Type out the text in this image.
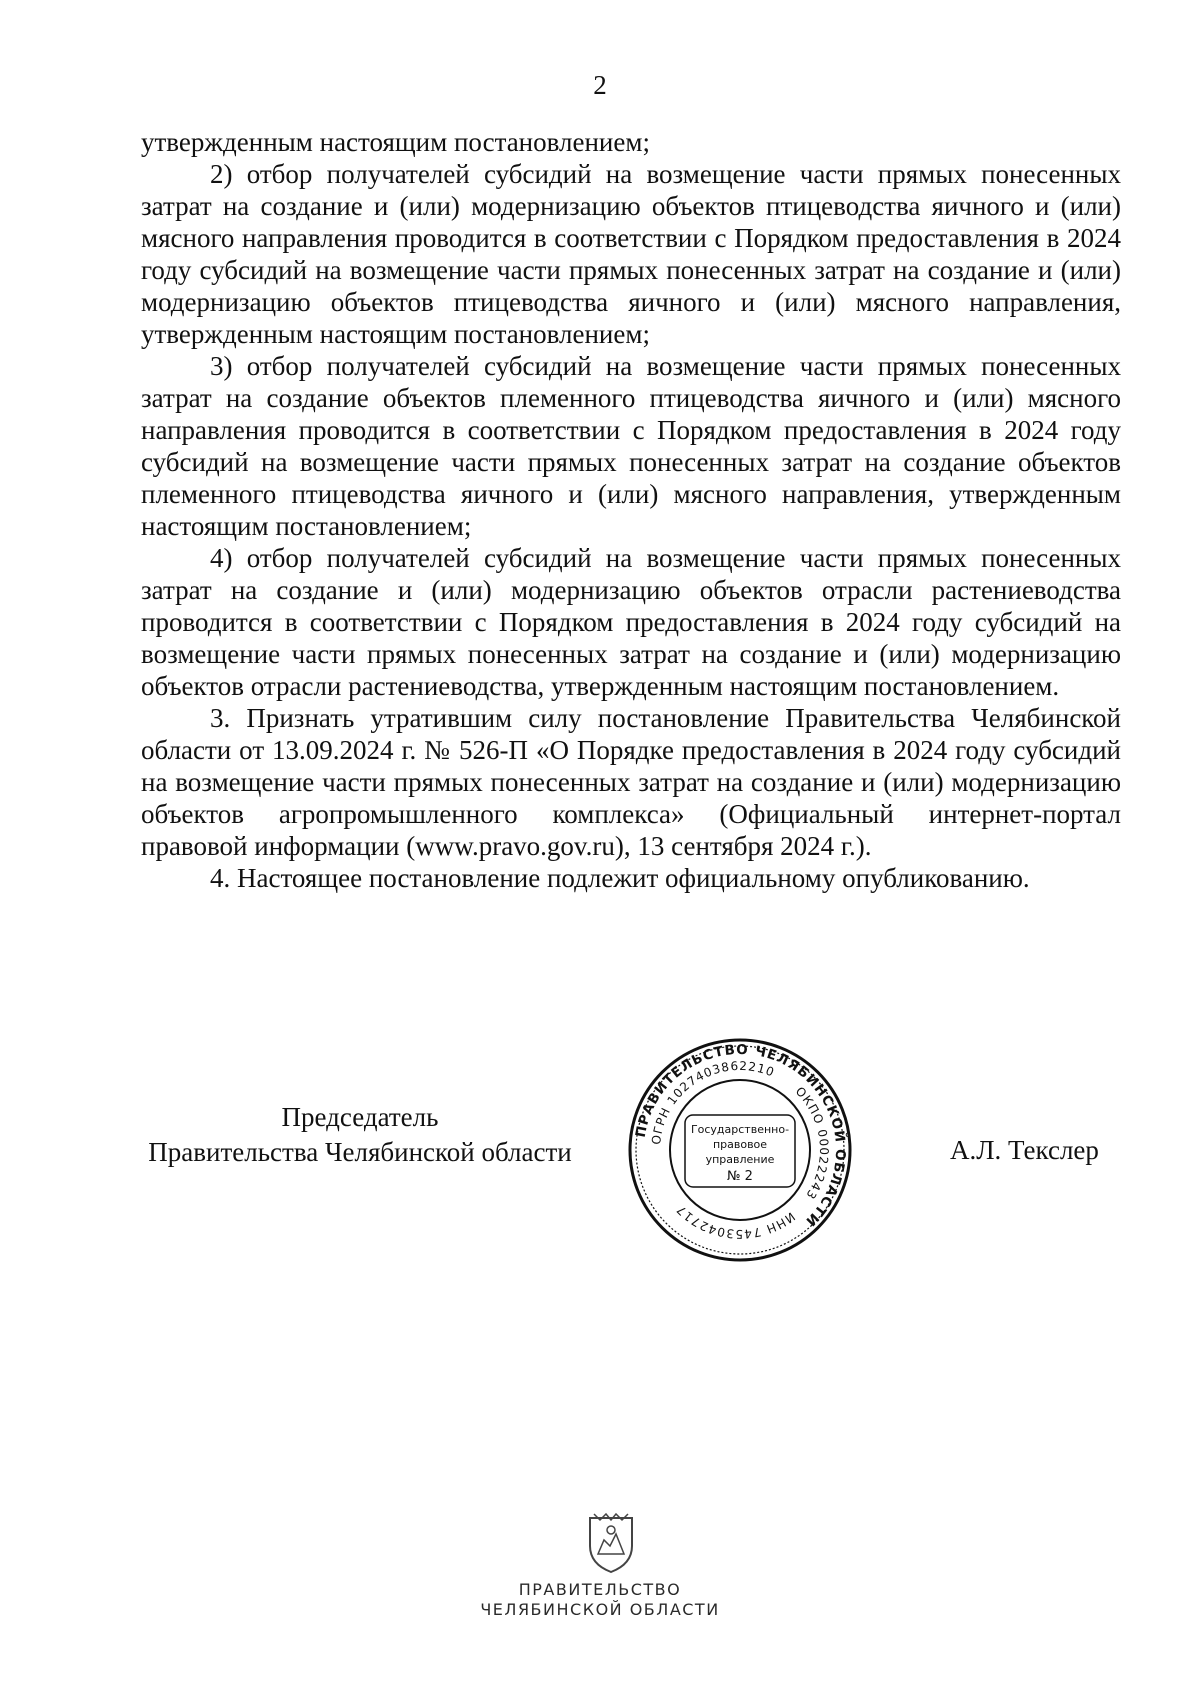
2

утвержденным настоящим постановлением;

2) отбор получателей субсидий на возмещение части прямых понесенных затрат на создание и (или) модернизацию объектов птицеводства яичного и (или) мясного направления проводится в соответствии с Порядком предоставления в 2024 году субсидий на возмещение части прямых понесенных затрат на создание и (или) модернизацию объектов птицеводства яичного и (или) мясного направления, утвержденным настоящим постановлением;

3) отбор получателей субсидий на возмещение части прямых понесенных затрат на создание объектов племенного птицеводства яичного и (или) мясного направления проводится в соответствии с Порядком предоставления в 2024 году субсидий на возмещение части прямых понесенных затрат на создание объектов племенного птицеводства яичного и (или) мясного направления, утвержденным настоящим постановлением;

4) отбор получателей субсидий на возмещение части прямых понесенных затрат на создание и (или) модернизацию объектов отрасли растениеводства проводится в соответствии с Порядком предоставления в 2024 году субсидий на возмещение части прямых понесенных затрат на создание и (или) модернизацию объектов отрасли растениеводства, утвержденным настоящим постановлением.

3. Признать утратившим силу постановление Правительства Челябинской области от 13.09.2024 г. № 526-П «О Порядке предоставления в 2024 году субсидий на возмещение части прямых понесенных затрат на создание и (или) модернизацию объектов агропромышленного комплекса» (Официальный интернет-портал правовой информации (www.pravo.gov.ru), 13 сентября 2024 г.).

4. Настоящее постановление подлежит официальному опубликованию.

Председатель
Правительства Челябинской области
ПРАВИТЕЛЬСТВО ЧЕЛЯБИНСКОЙ ОБЛАСТИ
ОГРН 1027403862210
ОКПО 00022243
ИНН 7453042717
Государственно-
правовое
управление
№ 2
А.Л. Текслер
ПРАВИТЕЛЬСТВО
ЧЕЛЯБИНСКОЙ ОБЛАСТИ
